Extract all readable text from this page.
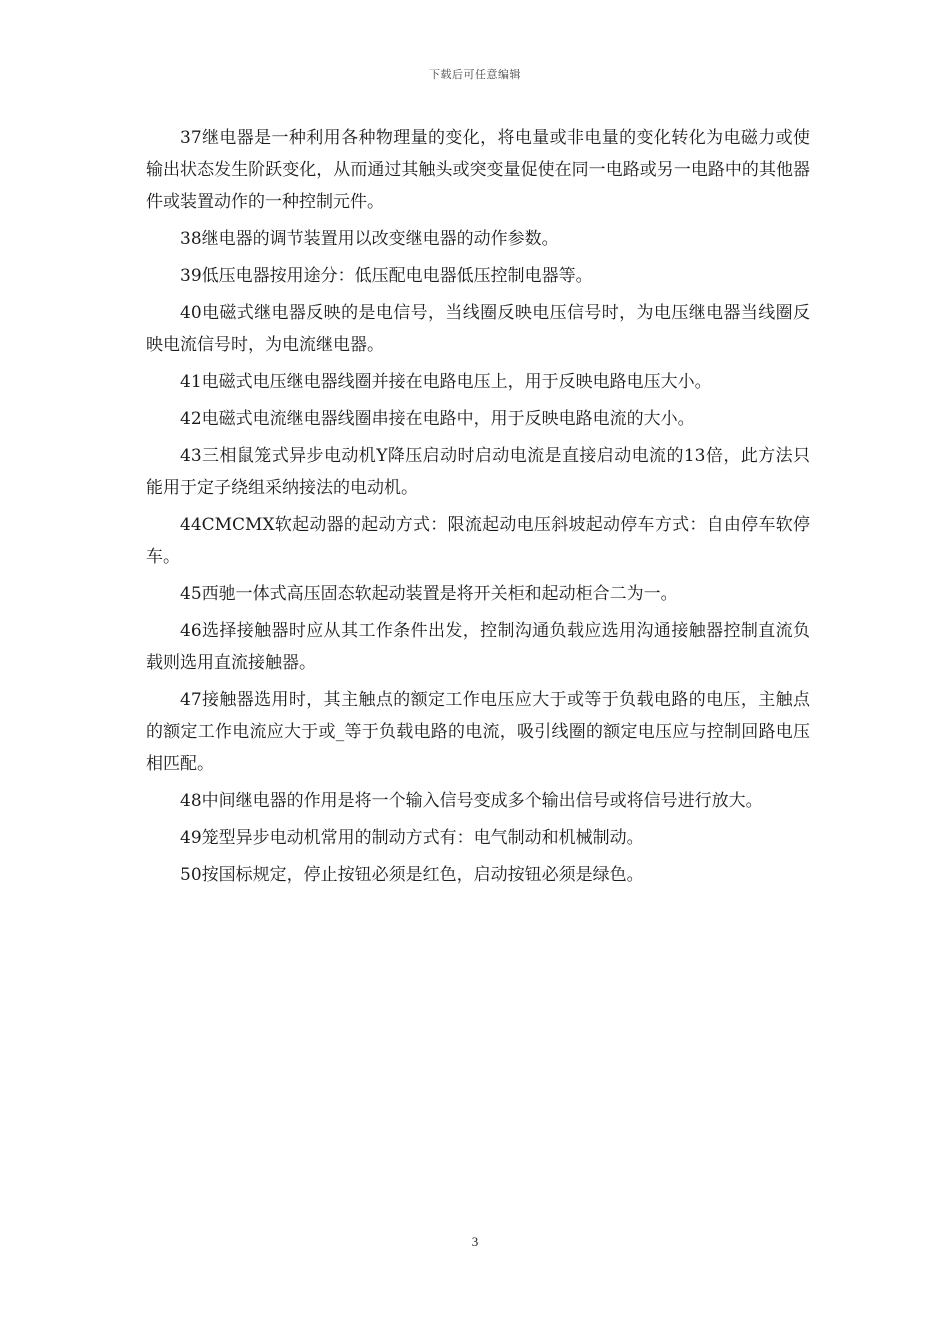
下载后可任意编辑

37继电器是一种利用各种物理量的变化，将电量或非电量的变化转化为电磁力或使输出状态发生阶跃变化，从而通过其触头或突变量促使在同一电路或另一电路中的其他器件或装置动作的一种控制元件。

38继电器的调节装置用以改变继电器的动作参数。

39低压电器按用途分：低压配电电器低压控制电器等。

40电磁式继电器反映的是电信号，当线圈反映电压信号时，为电压继电器当线圈反映电流信号时，为电流继电器。

41电磁式电压继电器线圈并接在电路电压上，用于反映电路电压大小。

42电磁式电流继电器线圈串接在电路中，用于反映电路电流的大小。

43三相鼠笼式异步电动机Y降压启动时启动电流是直接启动电流的13倍，此方法只能用于定子绕组采纳接法的电动机。

44CMCMX软起动器的起动方式：限流起动电压斜坡起动停车方式：自由停车软停车。

45西驰一体式高压固态软起动装置是将开关柜和起动柜合二为一。

46选择接触器时应从其工作条件出发，控制沟通负载应选用沟通接触器控制直流负载则选用直流接触器。

47接触器选用时，其主触点的额定工作电压应大于或等于负载电路的电压，主触点的额定工作电流应大于或_等于负载电路的电流，吸引线圈的额定电压应与控制回路电压相匹配。

48中间继电器的作用是将一个输入信号变成多个输出信号或将信号进行放大。

49笼型异步电动机常用的制动方式有：电气制动和机械制动。

50按国标规定，停止按钮必须是红色，启动按钮必须是绿色。

3
